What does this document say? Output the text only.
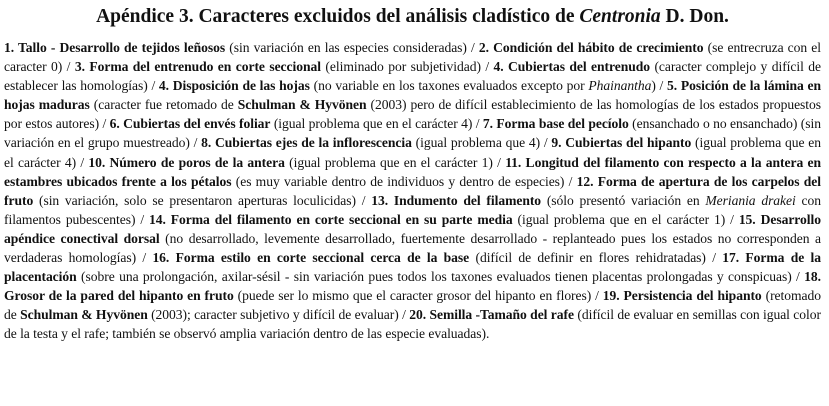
Apéndice 3. Caracteres excluidos del análisis cladístico de Centronia D. Don.

1. Tallo - Desarrollo de tejidos leñosos (sin variación en las especies consideradas) / 2. Condición del hábito de crecimiento (se entrecruza con el caracter 0) / 3. Forma del entrenudo en corte seccional (eliminado por subjetividad) / 4. Cubiertas del entrenudo (caracter complejo y difícil de establecer las homologías) / 4. Disposición de las hojas (no variable en los taxones evaluados excepto por Phainantha) / 5. Posición de la lámina en hojas maduras (caracter fue retomado de Schulman & Hyvönen (2003) pero de difícil establecimiento de las homologías de los estados propuestos por estos autores) / 6. Cubiertas del envés foliar (igual problema que en el carácter 4) / 7. Forma base del pecíolo (ensanchado o no ensanchado) (sin variación en el grupo muestreado) / 8. Cubiertas ejes de la inflorescencia (igual problema que 4) / 9. Cubiertas del hipanto (igual problema que en el carácter 4) / 10. Número de poros de la antera (igual problema que en el carácter 1) / 11. Longitud del filamento con respecto a la antera en estambres ubicados frente a los pétalos (es muy variable dentro de individuos y dentro de especies) / 12. Forma de apertura de los carpelos del fruto (sin variación, solo se presentaron aperturas loculicidas) / 13. Indumento del filamento (sólo presentó variación en Meriania drakei con filamentos pubescentes) / 14. Forma del filamento en corte seccional en su parte media (igual problema que en el carácter 1) / 15. Desarrollo apéndice conectival dorsal (no desarrollado, levemente desarrollado, fuertemente desarrollado - replanteado pues los estados no corresponden a verdaderas homologías) / 16. Forma estilo en corte seccional cerca de la base (difícil de definir en flores rehidratadas) / 17. Forma de la placentación (sobre una prolongación, axilar-sésil - sin variación pues todos los taxones evaluados tienen placentas prolongadas y conspicuas) / 18. Grosor de la pared del hipanto en fruto (puede ser lo mismo que el caracter grosor del hipanto en flores) / 19. Persistencia del hipanto (retomado de Schulman & Hyvönen (2003); caracter subjetivo y difícil de evaluar) / 20. Semilla -Tamaño del rafe (difícil de evaluar en semillas con igual color de la testa y el rafe; también se observó amplia variación dentro de las especie evaluadas).
